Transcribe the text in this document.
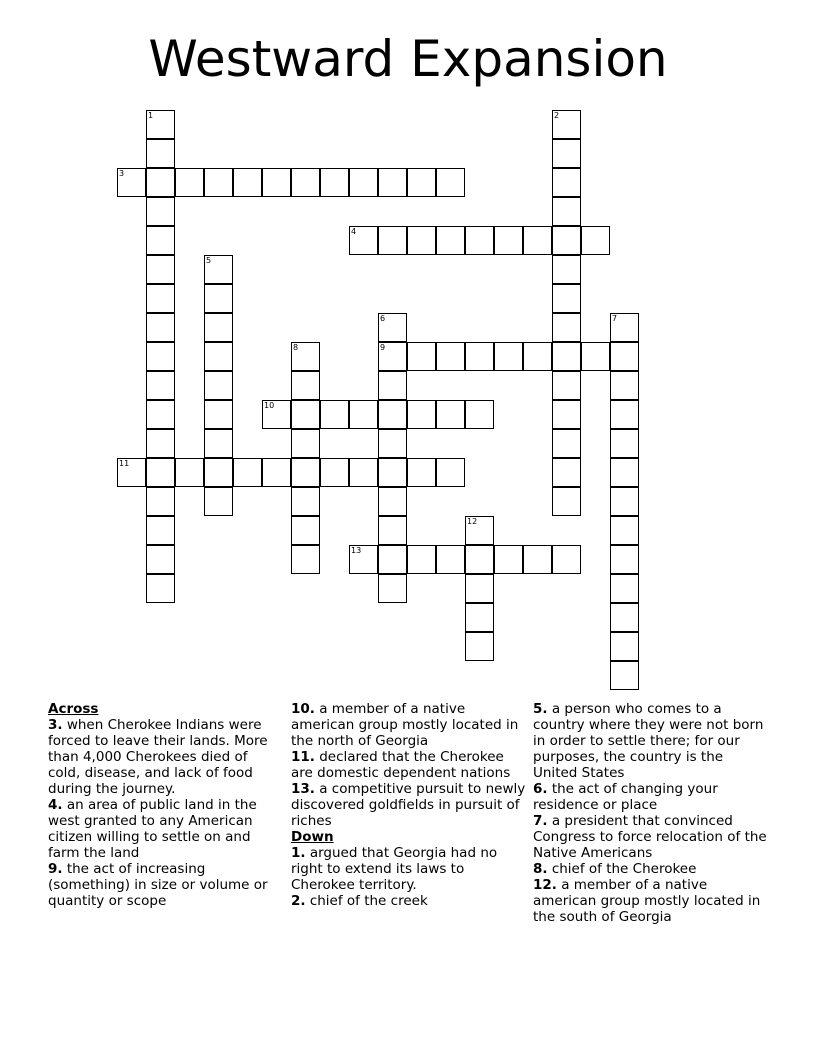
Westward Expansion
1	2
3
4
5
6	7
8	9
10
11
12
13
Across
3. when Cherokee Indians were forced to leave their lands. More than 4,000 Cherokees died of cold, disease, and lack of food during the journey.
4. an area of public land in the west granted to any American citizen willing to settle on and farm the land
9. the act of increasing (something) in size or volume or quantity or scope
10. a member of a native american group mostly located in the north of Georgia
11. declared that the Cherokee are domestic dependent nations
13. a competitive pursuit to newly discovered goldfields in pursuit of riches
Down
1. argued that Georgia had no right to extend its laws to Cherokee territory.
2. chief of the creek
5. a person who comes to a country where they were not born in order to settle there; for our purposes, the country is the United States
6. the act of changing your residence or place
7. a president that convinced Congress to force relocation of the Native Americans
8. chief of the Cherokee
12. a member of a native american group mostly located in the south of Georgia
